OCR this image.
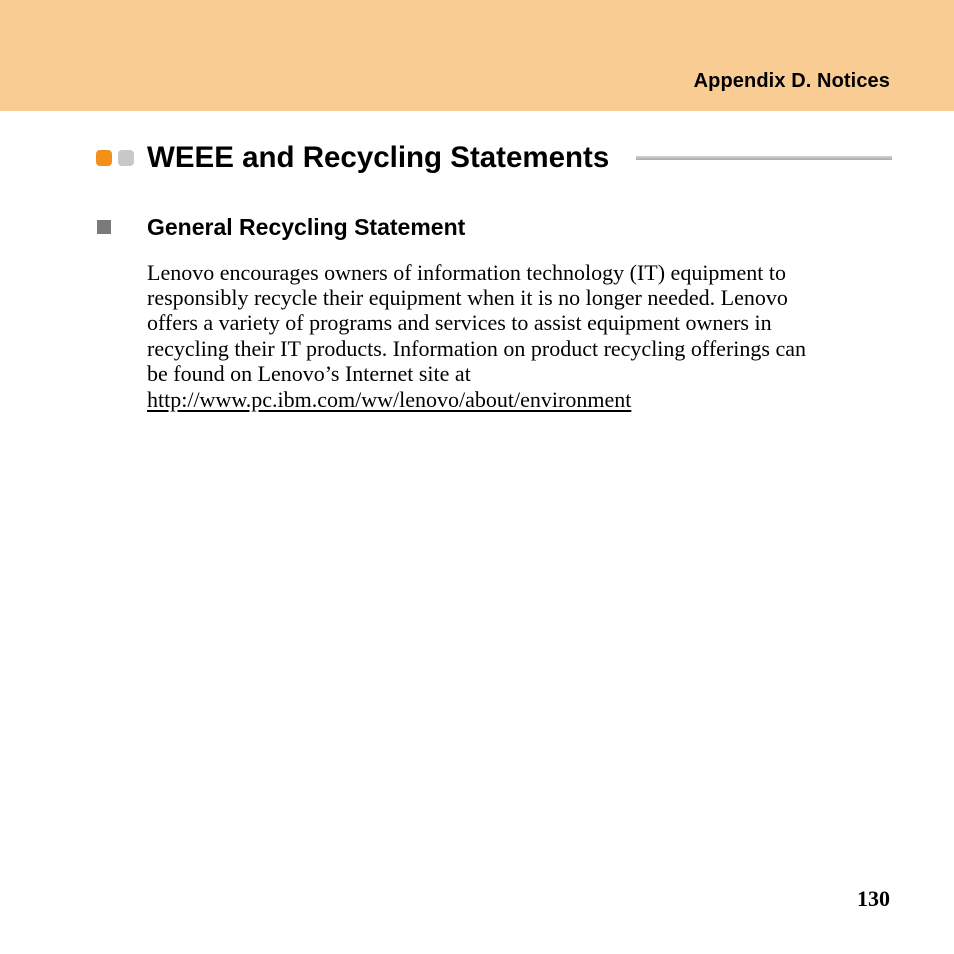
Appendix D. Notices
WEEE and Recycling Statements
General Recycling Statement
Lenovo encourages owners of information technology (IT) equipment to
responsibly recycle their equipment when it is no longer needed. Lenovo
offers a variety of programs and services to assist equipment owners in
recycling their IT products. Information on product recycling offerings can
be found on Lenovo’s Internet site at
http://www.pc.ibm.com/ww/lenovo/about/environment
130
